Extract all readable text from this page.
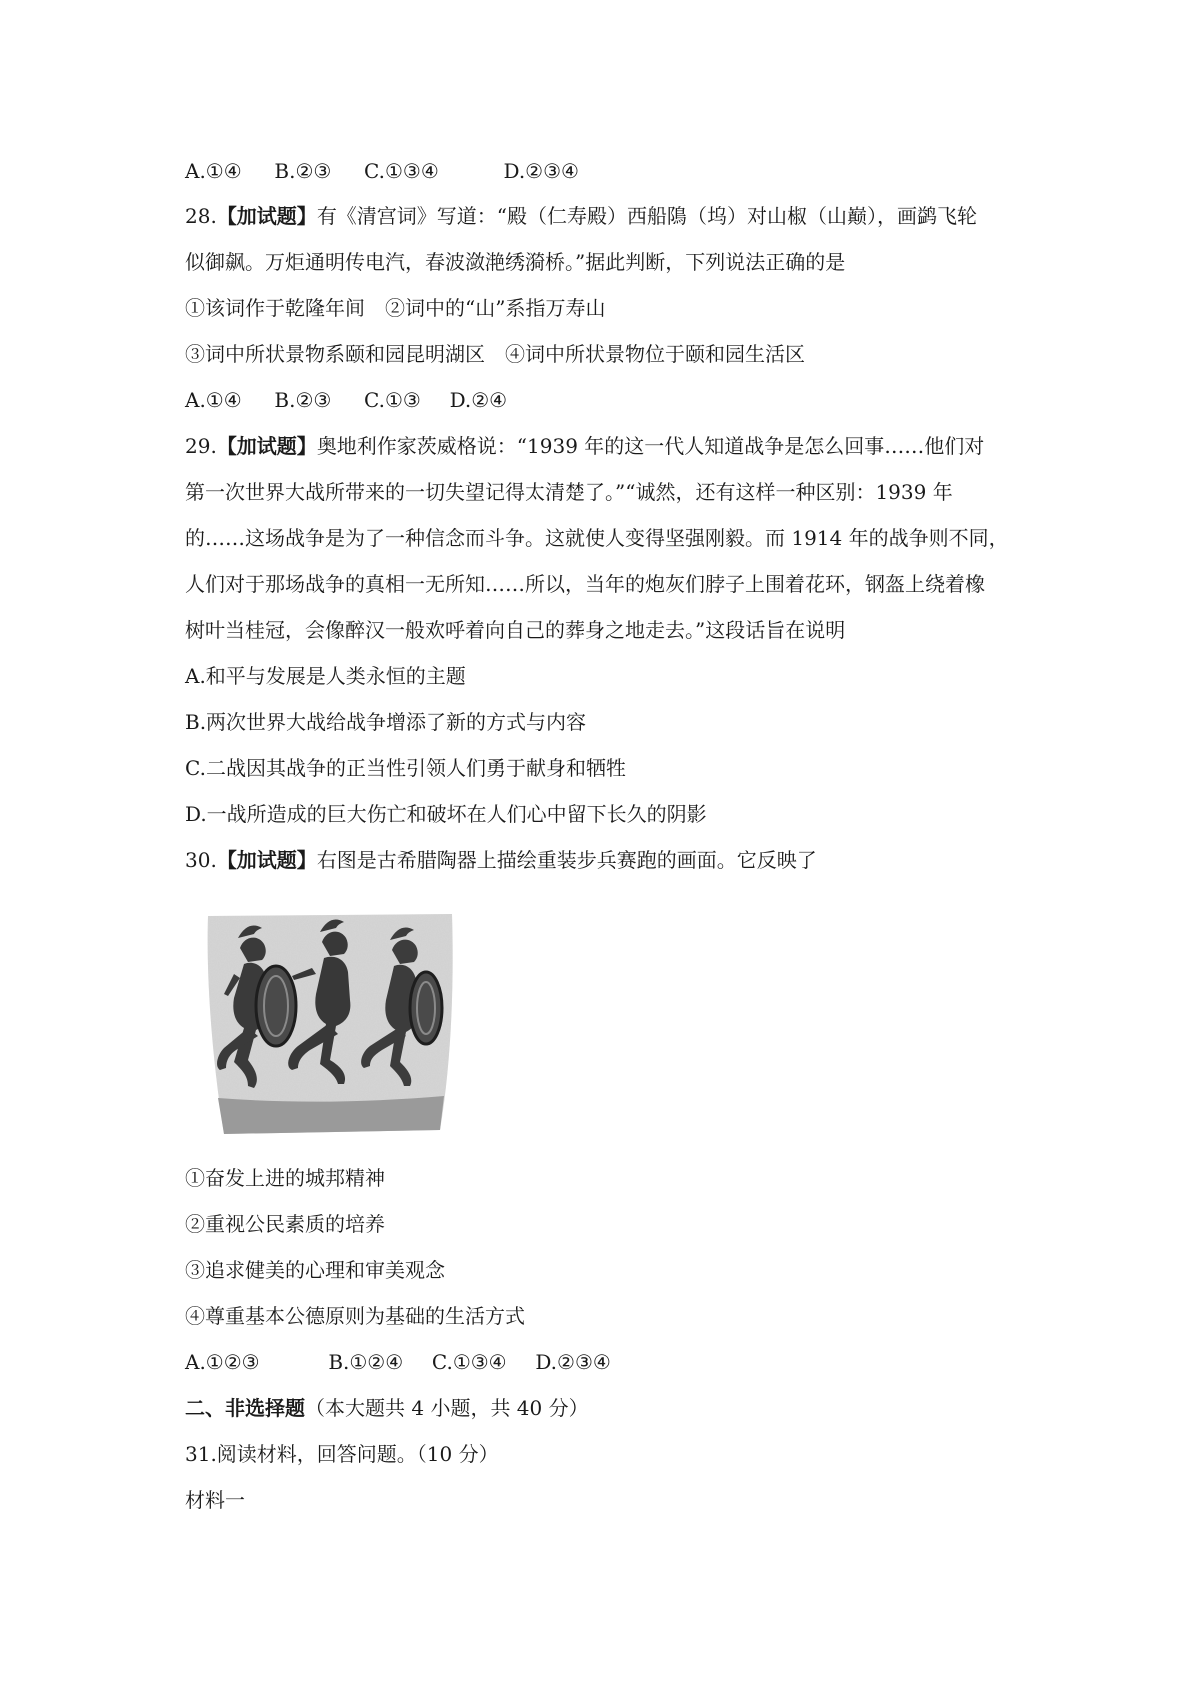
A.①④ B.②③ C.①③④	D.②③④
28.【加试题】有《清宫词》写道：“殿（仁寿殿）西船隝（坞）对山椒（山巅），画鹢飞轮
似御飙。万炬通明传电汽，春波潋滟绣漪桥。”据此判断，下列说法正确的是
①该词作于乾隆年间　②词中的“山”系指万寿山
③词中所状景物系颐和园昆明湖区　④词中所状景物位于颐和园生活区
A.①④ B.②③ C.①③ D.②④
29.【加试题】奥地利作家茨威格说：“1939 年的这一代人知道战争是怎么回事……他们对
第一次世界大战所带来的一切失望记得太清楚了。”“诚然，还有这样一种区别：1939 年
的……这场战争是为了一种信念而斗争。这就使人变得坚强刚毅。而 1914 年的战争则不同，
人们对于那场战争的真相一无所知……所以，当年的炮灰们脖子上围着花环，钢盔上绕着橡
树叶当桂冠，会像醉汉一般欢呼着向自己的葬身之地走去。”这段话旨在说明
A.和平与发展是人类永恒的主题
B.两次世界大战给战争增添了新的方式与内容
C.二战因其战争的正当性引领人们勇于献身和牺牲
D.一战所造成的巨大伤亡和破坏在人们心中留下长久的阴影
30.【加试题】右图是古希腊陶器上描绘重装步兵赛跑的画面。它反映了
①奋发上进的城邦精神
②重视公民素质的培养
③追求健美的心理和审美观念
④尊重基本公德原则为基础的生活方式
A.①②③	B.①②④ C.①③④ D.②③④
二、非选择题（本大题共 4 小题，共 40 分）
31.阅读材料，回答问题。（10 分）
材料一
